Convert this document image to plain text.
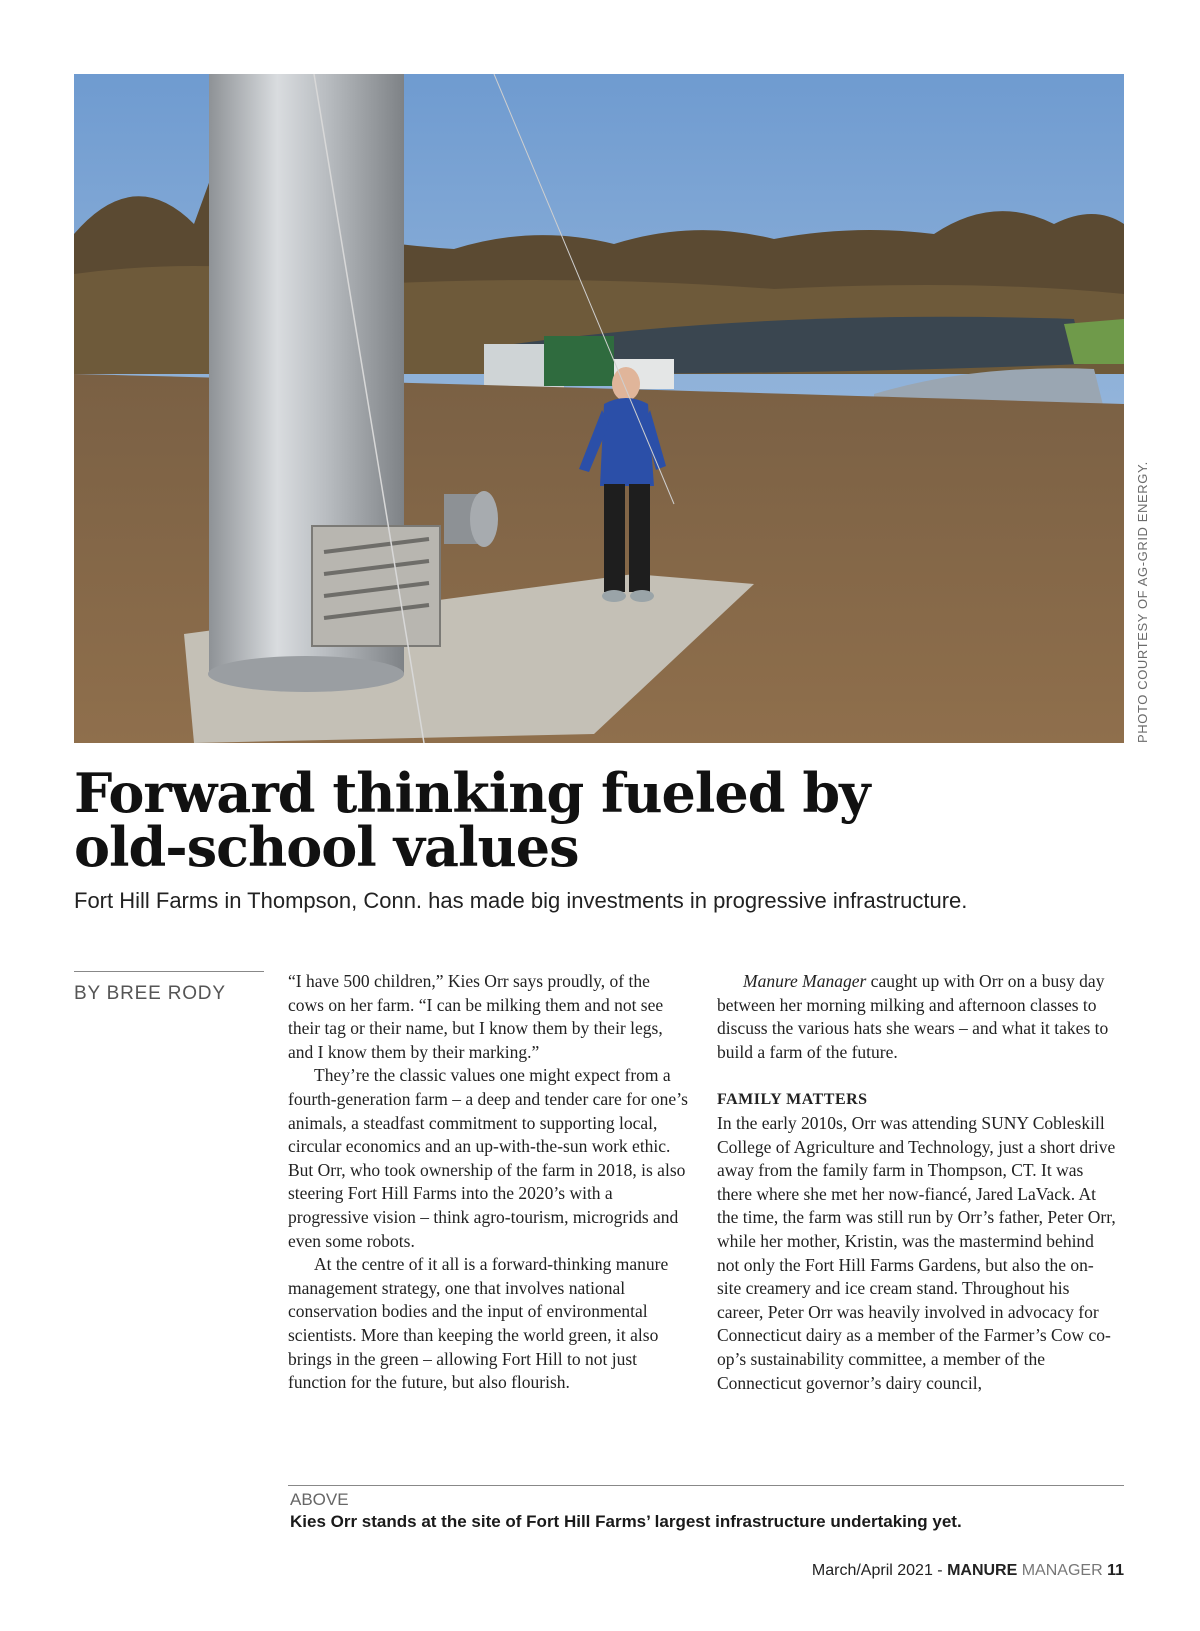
PHOTO COURTESY OF AG-GRID ENERGY.
Forward thinking fueled by
old-school values
Fort Hill Farms in Thompson, Conn. has made big investments in progressive infrastructure.
BY BREE RODY

“I have 500 children,” Kies Orr says proudly, of the cows on her farm. “I can be milking them and not see their tag or their name, but I know them by their legs, and I know them by their marking.”

They’re the classic values one might expect from a fourth-generation farm – a deep and tender care for one’s animals, a steadfast commitment to supporting local, circular economics and an up-with-the-sun work ethic. But Orr, who took ownership of the farm in 2018, is also steering Fort Hill Farms into the 2020’s with a progressive vision – think agro-tourism, microgrids and even some robots.

At the centre of it all is a forward-thinking manure management strategy, one that involves national conservation bodies and the input of environmental scientists. More than keeping the world green, it also brings in the green – allowing Fort Hill to not just function for the future, but also flourish.

Manure Manager caught up with Orr on a busy day between her morning milking and afternoon classes to discuss the various hats she wears – and what it takes to build a farm of the future.

FAMILY MATTERS

In the early 2010s, Orr was attending SUNY Cobleskill College of Agriculture and Technology, just a short drive away from the family farm in Thompson, CT. It was there where she met her now-fiancé, Jared LaVack. At the time, the farm was still run by Orr’s father, Peter Orr, while her mother, Kristin, was the mastermind behind not only the Fort Hill Farms Gardens, but also the on-site creamery and ice cream stand. Throughout his career, Peter Orr was heavily involved in advocacy for Connecticut dairy as a member of the Farmer’s Cow co-op’s sustainability committee, a member of the Connecticut governor’s dairy council,

ABOVE
Kies Orr stands at the site of Fort Hill Farms’ largest infrastructure undertaking yet.
March/April 2021 - MANURE MANAGER 11
